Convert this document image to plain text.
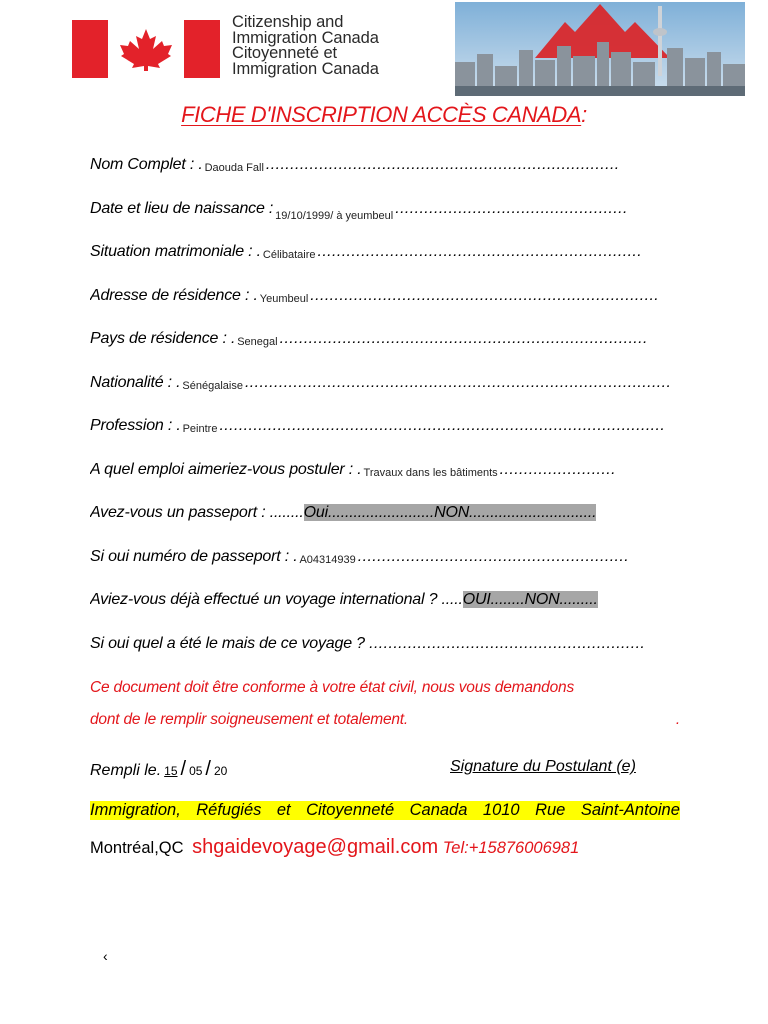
Citizenship and
Immigration Canada
Citoyenneté et
Immigration Canada
FICHE D'INSCRIPTION ACCÈS CANADA:
Nom Complet : . Daouda Fall .........................................................................
Date et lieu de naissance : $_{19/10/1999/ à yeumbeul}$ ................................................
Situation matrimoniale : . Célibataire ...................................................................
Adresse de résidence : . Yeumbeul ........................................................................
Pays de résidence : . Senegal ............................................................................
Nationalité : . Sénégalaise ........................................................................................
Profession : . Peintre ............................................................................................
A quel emploi aimeriez-vous postuler : . Travaux dans les bâtiments ........................
Avez-vous un passeport : ........Oui.........................NON..............................
Si oui numéro de passeport : . A04314939 ........................................................
Aviez-vous déjà effectué un voyage international ? .....OUI........NON.........
Si oui quel a été le mais de ce voyage ? .........................................................
Ce document doit être conforme à votre état civil, nous vous demandons
dont de le remplir soigneusement et totalement.	.
Rempli le. 15 / 05 / 20	Signature du Postulant (e)
Immigration, Réfugiés et Citoyenneté Canada 1010 Rue Saint-Antoine
Montréal,QC shgaidevoyage@gmail.com Tel:+15876006981
‹
